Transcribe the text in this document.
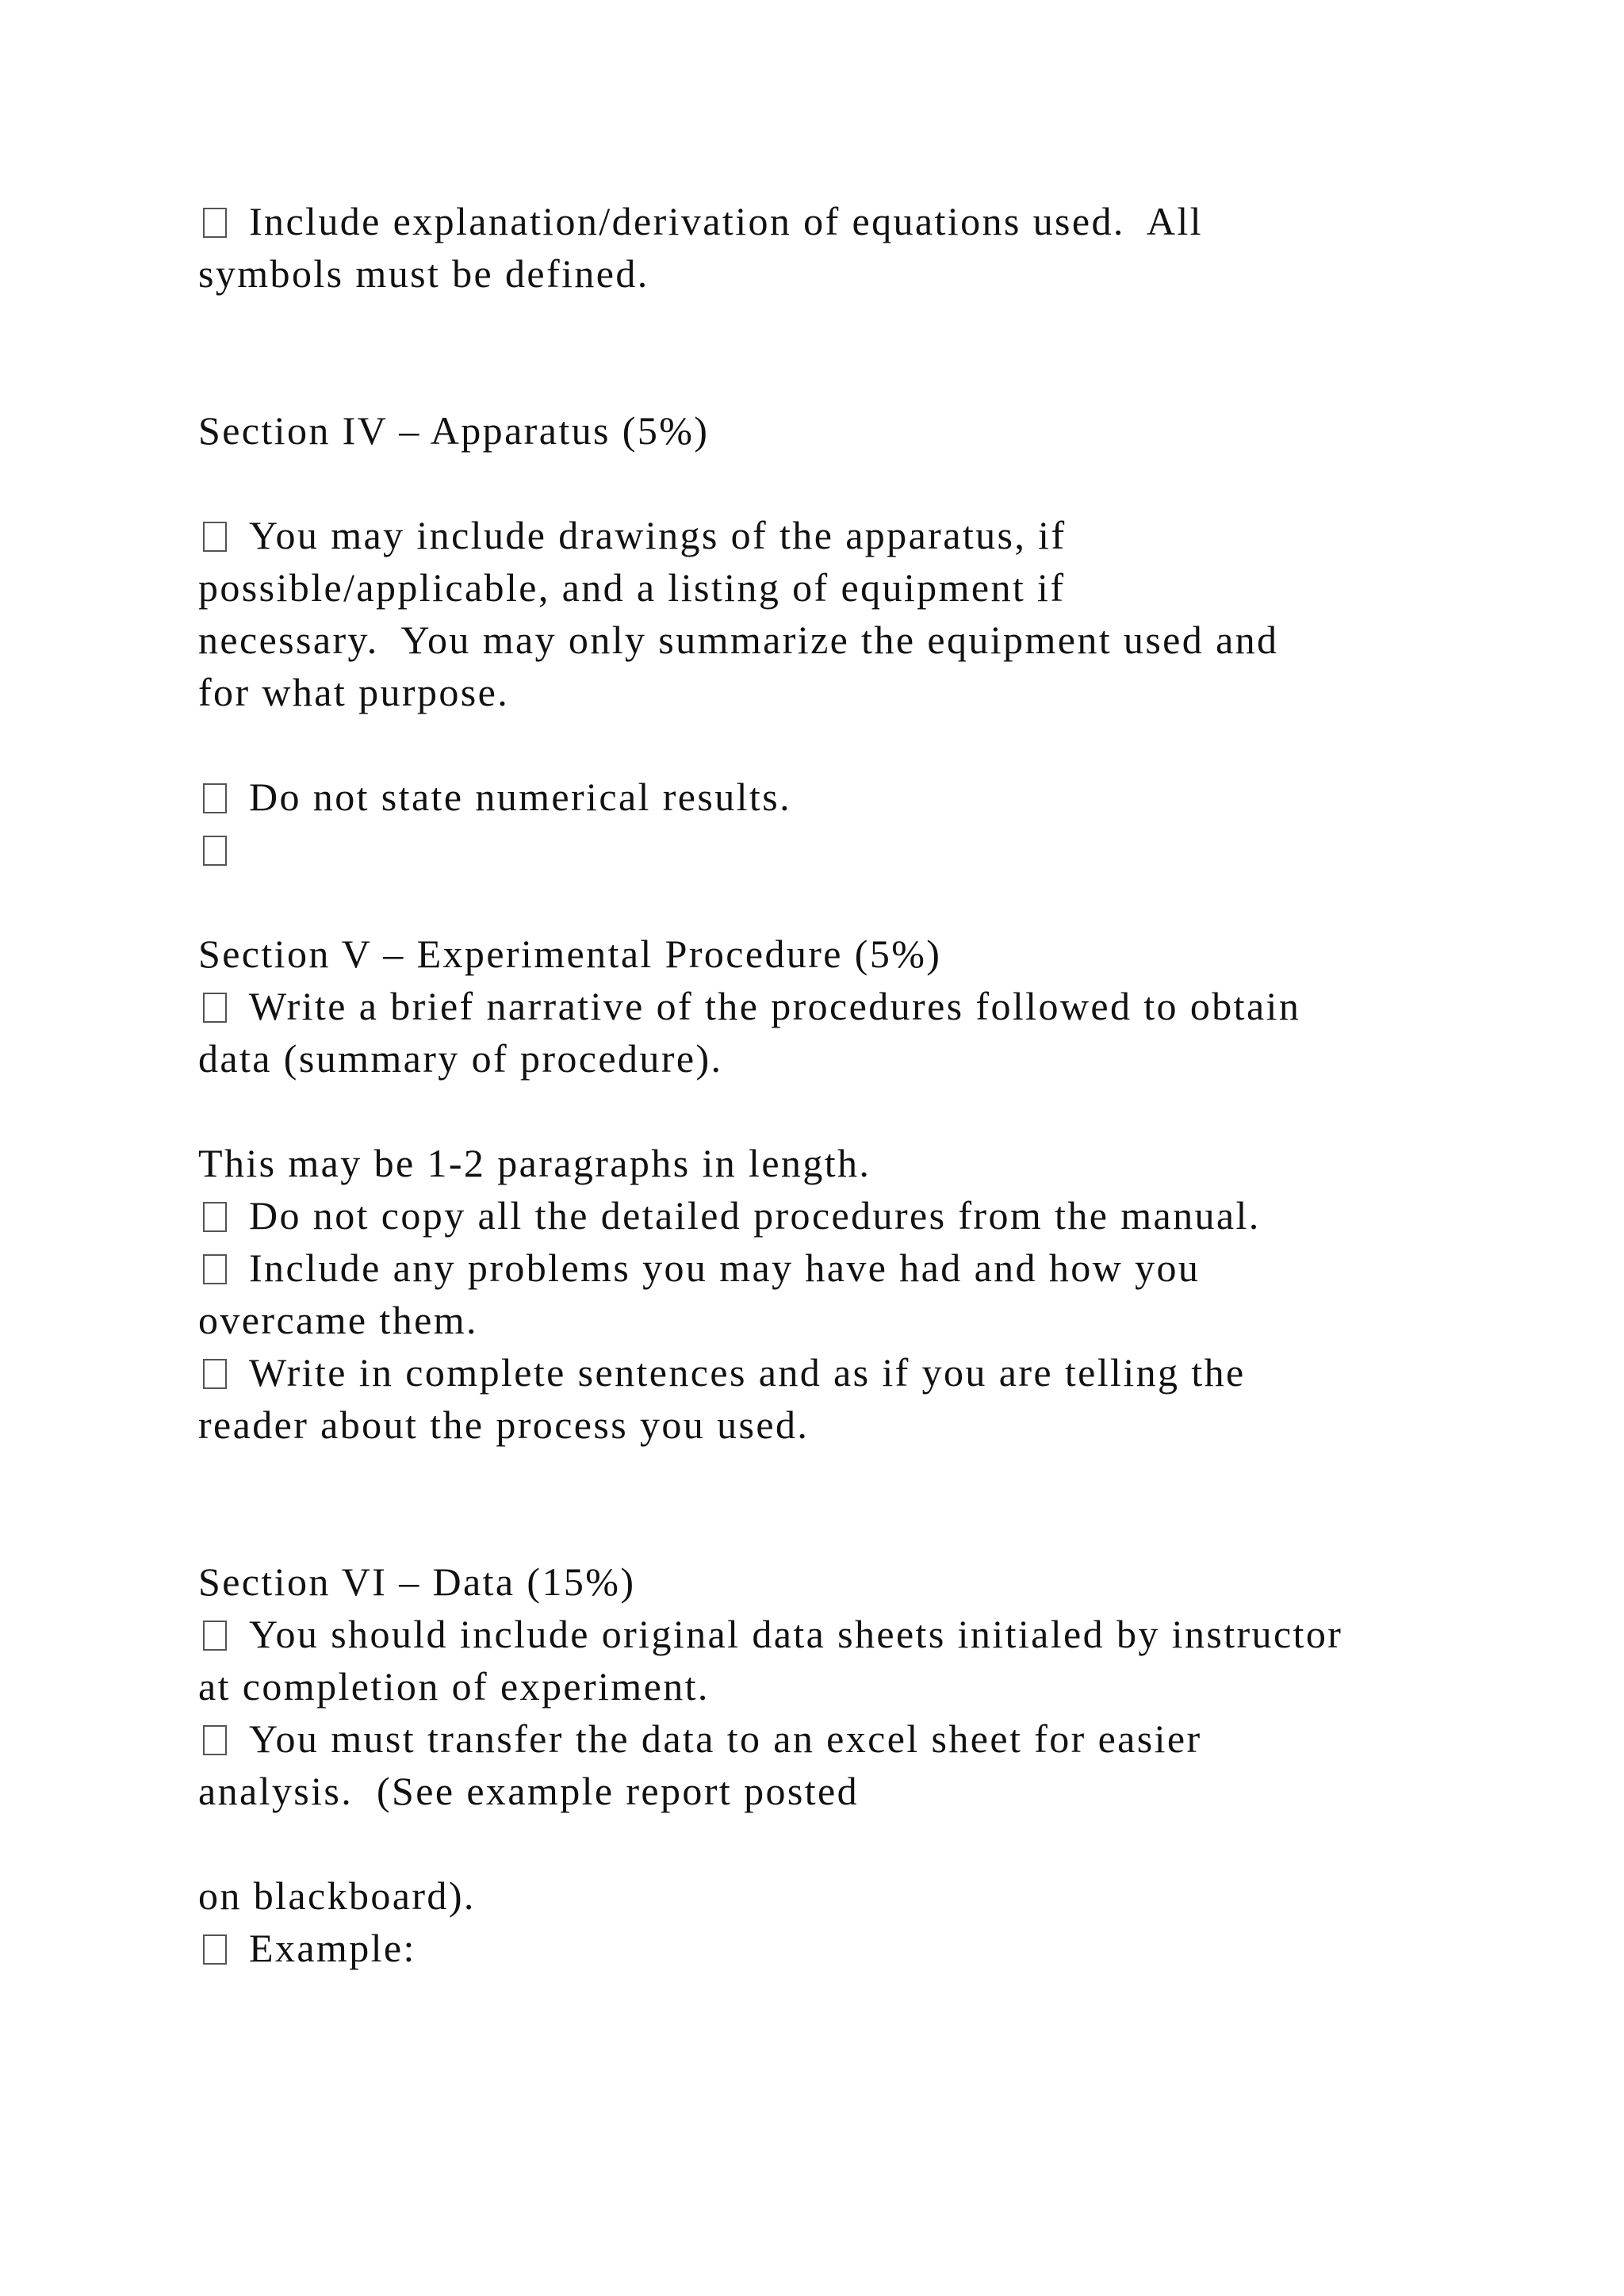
Include explanation/derivation of equations used.  All
symbols must be defined.
Section IV – Apparatus (5%)
You may include drawings of the apparatus, if
possible/applicable, and a listing of equipment if
necessary.  You may only summarize the equipment used and
for what purpose.
Do not state numerical results.
Section V – Experimental Procedure (5%)
Write a brief narrative of the procedures followed to obtain
data (summary of procedure).
This may be 1-2 paragraphs in length.
Do not copy all the detailed procedures from the manual.
Include any problems you may have had and how you
overcame them.
Write in complete sentences and as if you are telling the
reader about the process you used.
Section VI – Data (15%)
You should include original data sheets initialed by instructor
at completion of experiment.
You must transfer the data to an excel sheet for easier
analysis.  (See example report posted
on blackboard).
Example:
